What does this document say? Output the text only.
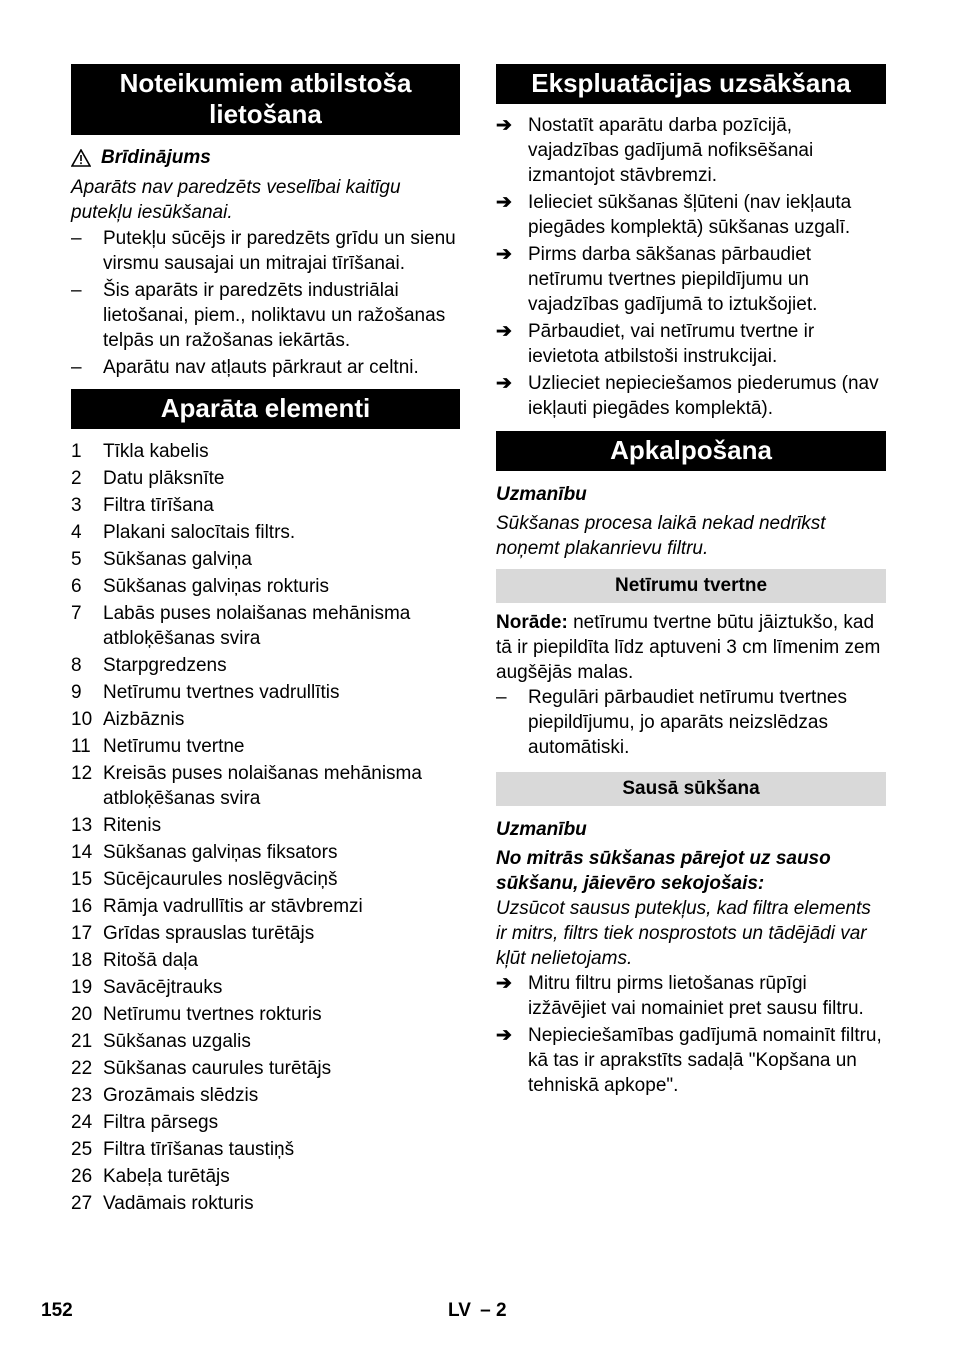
Noteikumiem atbilstoša
lietošana
Brīdinājums
Aparāts nav paredzēts veselībai kaitīgu putekļu iesūkšanai.
–	Putekļu sūcējs ir paredzēts grīdu un sienu virsmu sausajai un mitrajai tīrīšanai.
–	Šis aparāts ir paredzēts industriālai lietošanai, piem., noliktavu un ražošanas telpās un ražošanas iekārtās.
–	Aparātu nav atļauts pārkraut ar celtni.
Aparāta elementi
1	Tīkla kabelis
2	Datu plāksnīte
3	Filtra tīrīšana
4	Plakani salocītais filtrs.
5	Sūkšanas galviņa
6	Sūkšanas galviņas rokturis
7	Labās puses nolaišanas mehānisma atbloķēšanas svira
8	Starpgredzens
9	Netīrumu tvertnes vadrullītis
10 Aizbāznis
11 Netīrumu tvertne
12 Kreisās puses nolaišanas mehānisma atbloķēšanas svira
13 Ritenis
14 Sūkšanas galviņas fiksators
15 Sūcējcaurules noslēgvāciņš
16 Rāmja vadrullītis ar stāvbremzi
17 Grīdas sprauslas turētājs
18 Ritošā daļa
19 Savācējtrauks
20 Netīrumu tvertnes rokturis
21 Sūkšanas uzgalis
22 Sūkšanas caurules turētājs
23 Grozāmais slēdzis
24 Filtra pārsegs
25 Filtra tīrīšanas taustiņš
26 Kabeļa turētājs
27 Vadāmais rokturis
Ekspluatācijas uzsākšana
➔ Nostatīt aparātu darba pozīcijā, vajadzības gadījumā nofiksēšanai izmantojot stāvbremzi.
➔ Ielieciet sūkšanas šļūteni (nav iekļauta piegādes komplektā) sūkšanas uzgalī.
➔ Pirms darba sākšanas pārbaudiet netīrumu tvertnes piepildījumu un vajadzības gadījumā to iztukšojiet.
➔ Pārbaudiet, vai netīrumu tvertne ir ievietota atbilstoši instrukcijai.
➔ Uzlieciet nepieciešamos piederumus (nav iekļauti piegādes komplektā).
Apkalpošana
Uzmanību
Sūkšanas procesa laikā nekad nedrīkst noņemt plakanrievu filtru.
Netīrumu tvertne
Norāde: netīrumu tvertne būtu jāiztukšo, kad tā ir piepildīta līdz aptuveni 3 cm līmenim zem augšējās malas.
–	Regulāri pārbaudiet netīrumu tvertnes piepildījumu, jo aparāts neizslēdzas automātiski.
Sausā sūkšana
Uzmanību
No mitrās sūkšanas pārejot uz sauso sūkšanu, jāievēro sekojošais:
Uzsūcot sausus putekļus, kad filtra elements ir mitrs, filtrs tiek nosprostots un tādējādi var kļūt nelietojams.
➔ Mitru filtru pirms lietošanas rūpīgi izžāvējiet vai nomainiet pret sausu filtru.
➔ Nepieciešamības gadījumā nomainīt filtru, kā tas ir aprakstīts sadaļā "Kopšana un tehniskā apkope".
152	LV – 2
